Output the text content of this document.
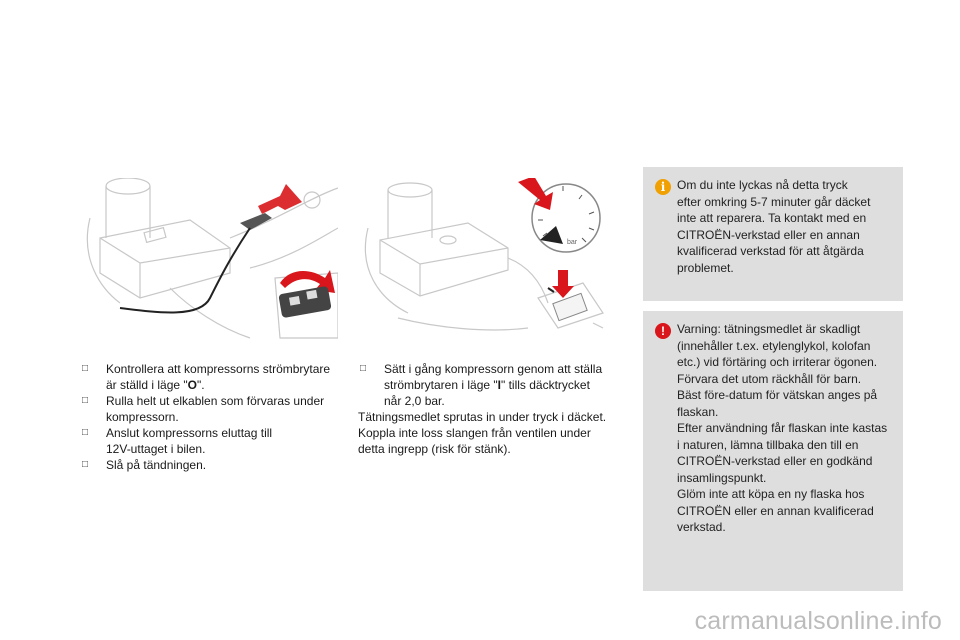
bar
□ Kontrollera att kompressorns strömbrytare
är ställd i läge "O".
□ Rulla helt ut elkablen som förvaras under
kompressorn.
□ Anslut kompressorns eluttag till
12V-uttaget i bilen.
□ Slå på tändningen.
□ Sätt i gång kompressorn genom att ställa
strömbrytaren i läge "I" tills däcktrycket
når 2,0 bar.
Tätningsmedlet sprutas in under tryck i däcket.
Koppla inte loss slangen från ventilen under
detta ingrepp (risk för stänk).
i Om du inte lyckas nå detta tryck
efter omkring 5-7 minuter går däcket
inte att reparera. Ta kontakt med en
CITROËN-verkstad eller en annan
kvalificerad verkstad för att åtgärda
problemet.
!	Varning: tätningsmedlet är skadligt
(innehåller t.ex. etylenglykol, kolofan
etc.) vid förtäring och irriterar ögonen.
Förvara det utom räckhåll för barn.
Bäst före-datum för vätskan anges på
flaskan.
Efter användning får flaskan inte kastas
i naturen, lämna tillbaka den till en
CITROËN-verkstad eller en godkänd
insamlingspunkt.
Glöm inte att köpa en ny flaska hos
CITROËN eller en annan kvalificerad
verkstad.
carmanualsonline.info
